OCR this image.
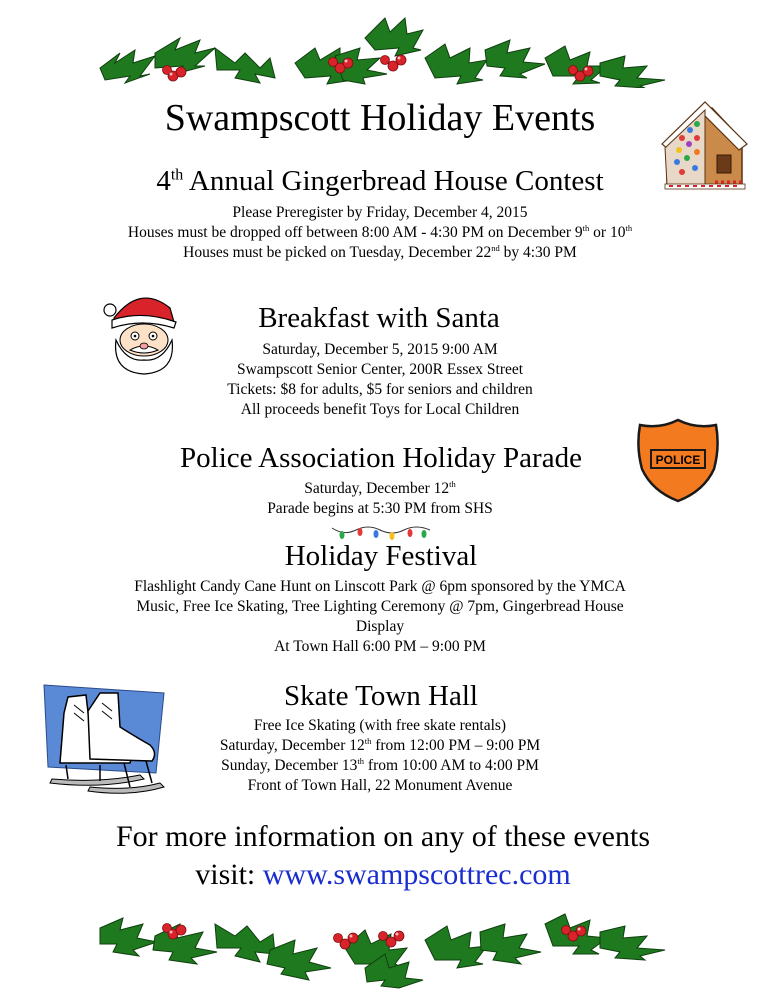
Swampscott Holiday Events
4th Annual Gingerbread House Contest
Please Preregister by Friday, December 4, 2015
Houses must be dropped off between 8:00 AM - 4:30 PM on December 9th or 10th
Houses must be picked on Tuesday, December 22nd by 4:30 PM
Breakfast with Santa
Saturday, December 5, 2015 9:00 AM
Swampscott Senior Center, 200R Essex Street
Tickets: $8 for adults, $5 for seniors and children
All proceeds benefit Toys for Local Children
POLICE
Police Association Holiday Parade
Saturday, December 12th
Parade begins at 5:30 PM from SHS
Holiday Festival
Flashlight Candy Cane Hunt on Linscott Park @ 6pm sponsored by the YMCA
Music, Free Ice Skating, Tree Lighting Ceremony @ 7pm, Gingerbread House
Display
At Town Hall 6:00 PM – 9:00 PM
Skate Town Hall
Free Ice Skating (with free skate rentals)
Saturday, December 12th from 12:00 PM – 9:00 PM
Sunday, December 13th from 10:00 AM to 4:00 PM
Front of Town Hall, 22 Monument Avenue
For more information on any of these events
visit: www.swampscottrec.com
